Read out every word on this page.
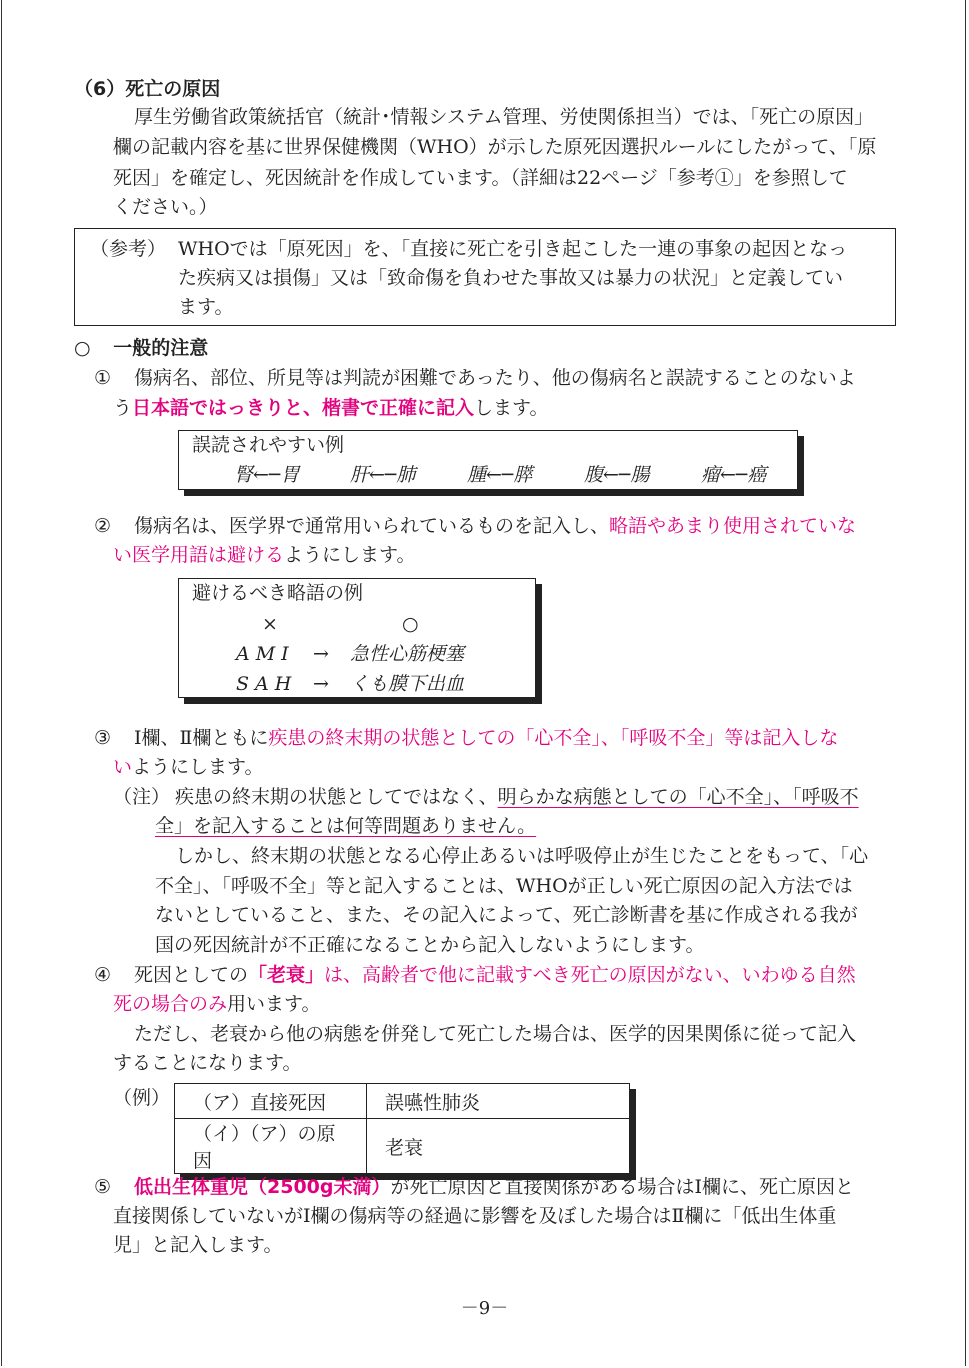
（6）死亡の原因
厚生労働省政策統括官（統計･情報システム管理、労使関係担当）では、「死亡の原因」
欄の記載内容を基に世界保健機関（WHO）が示した原死因選択ルールにしたがって、「原
死因」を確定し、死因統計を作成しています。（詳細は22ページ「参考①」を参照して
ください。）
（参考） WHOでは「原死因」を、「直接に死亡を引き起こした一連の事象の起因となっ
た疾病又は損傷」又は「致命傷を負わせた事故又は暴力の状況」と定義してい
ます。
○ 一般的注意
① 傷病名、部位、所見等は判読が困難であったり、他の傷病名と誤読することのないよ
う日本語ではっきりと、楷書で正確に記入します。
誤読されやすい例
腎←─胃	肝←─肺	腫←─膵	腹←─腸	瘤←─癌
② 傷病名は、医学界で通常用いられているものを記入し、略語やあまり使用されていな
い医学用語は避けるようにします。
避けるべき略語の例
×	○
AMI → 急性心筋梗塞
SAH → くも膜下出血
③ Ⅰ欄、Ⅱ欄ともに疾患の終末期の状態としての「心不全」、「呼吸不全」等は記入しな
いようにします。
（注） 疾患の終末期の状態としてではなく、明らかな病態としての「心不全」、「呼吸不
全」を記入することは何等問題ありません。
しかし、終末期の状態となる心停止あるいは呼吸停止が生じたことをもって、「心
不全」、「呼吸不全」等と記入することは、WHOが正しい死亡原因の記入方法では
ないとしていること、また、その記入によって、死亡診断書を基に作成される我が
国の死因統計が不正確になることから記入しないようにします。
④ 死因としての「老衰」は、高齢者で他に記載すべき死亡の原因がない、いわゆる自然
死の場合のみ用います。
ただし、老衰から他の病態を併発して死亡した場合は、医学的因果関係に従って記入
することになります。
（例） （ア）直接死因	誤嚥性肺炎
（イ）（ア）の原因	老衰
⑤ 低出生体重児（2500g未満）が死亡原因と直接関係がある場合はⅠ欄に、死亡原因と
直接関係していないがⅠ欄の傷病等の経過に影響を及ぼした場合はⅡ欄に「低出生体重
児」と記入します。
－9－
